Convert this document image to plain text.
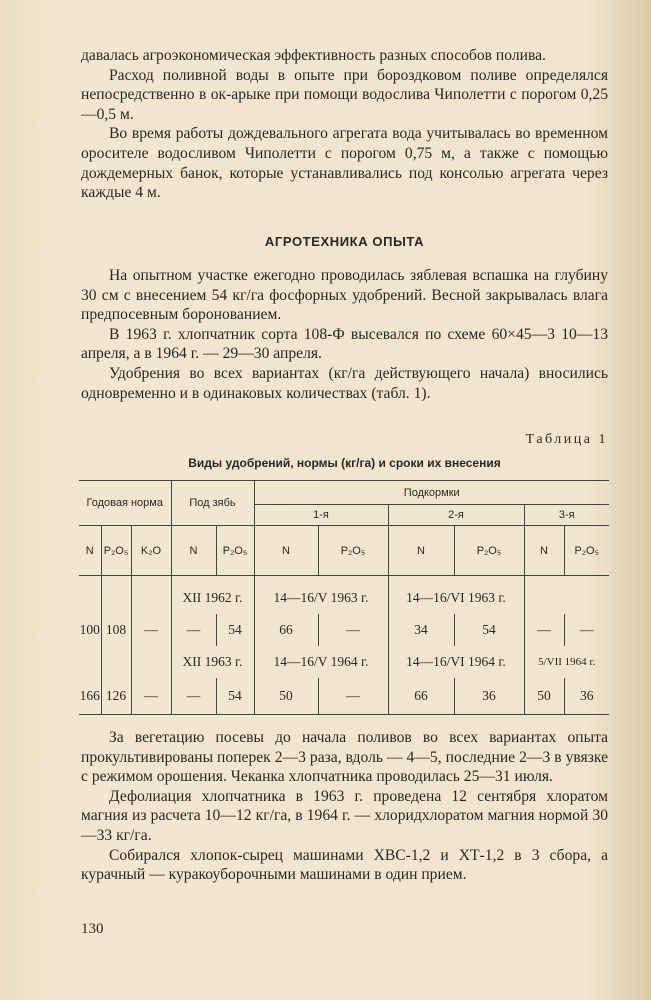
давалась агроэкономическая эффективность разных способов полива.

Расход поливной воды в опыте при бороздковом поливе определялся непосредственно в ок-арыке при помощи водослива Чиполетти с порогом 0,25—0,5 м.

Во время работы дождевального агрегата вода учитывалась во временном оросителе водосливом Чиполетти с порогом 0,75 м, а также с помощью дождемерных банок, которые устанавливались под консолью агрегата через каждые 4 м.

АГРОТЕХНИКА ОПЫТА

На опытном участке ежегодно проводилась зяблевая вспашка на глубину 30 см с внесением 54 кг/га фосфорных удобрений. Весной закрывалась влага предпосевным боронованием.

В 1963 г. хлопчатник сорта 108-Ф высевался по схеме 60×45—3 10—13 апреля, а в 1964 г. — 29—30 апреля.

Удобрения во всех вариантах (кг/га действующего начала) вносились одновременно и в одинаковых количествах (табл. 1).

Таблица 1
Виды удобрений, нормы (кг/га) и сроки их внесения
Годовая норма			Под зябь		Подкормки					
					1-я		2-я		3-я	
N	P₂O₅	K₂O	N	P₂O₅	N	P₂O₅	N	P₂O₅	N	P₂O₅
			XII 1962 г.		14—16/V 1963 г.		14—16/VI 1963 г.			
100	108	—	—	54	66	—	34	54	—	—
			XII 1963 г.		14—16/V 1964 г.		14—16/VI 1964 г.		5/VII 1964 г.	
166	126	—	—	54	50	—	66	36	50	36

За вегетацию посевы до начала поливов во всех вариантах опыта прокультивированы поперек 2—3 раза, вдоль — 4—5, последние 2—3 в увязке с режимом орошения. Чеканка хлопчатника проводилась 25—31 июля.

Дефолиация хлопчатника в 1963 г. проведена 12 сентября хлоратом магния из расчета 10—12 кг/га, в 1964 г. — хлоридхлоратом магния нормой 30—33 кг/га.

Собирался хлопок-сырец машинами ХВС-1,2 и ХТ-1,2 в 3 сбора, а курачный — куракоуборочными машинами в один прием.

130
